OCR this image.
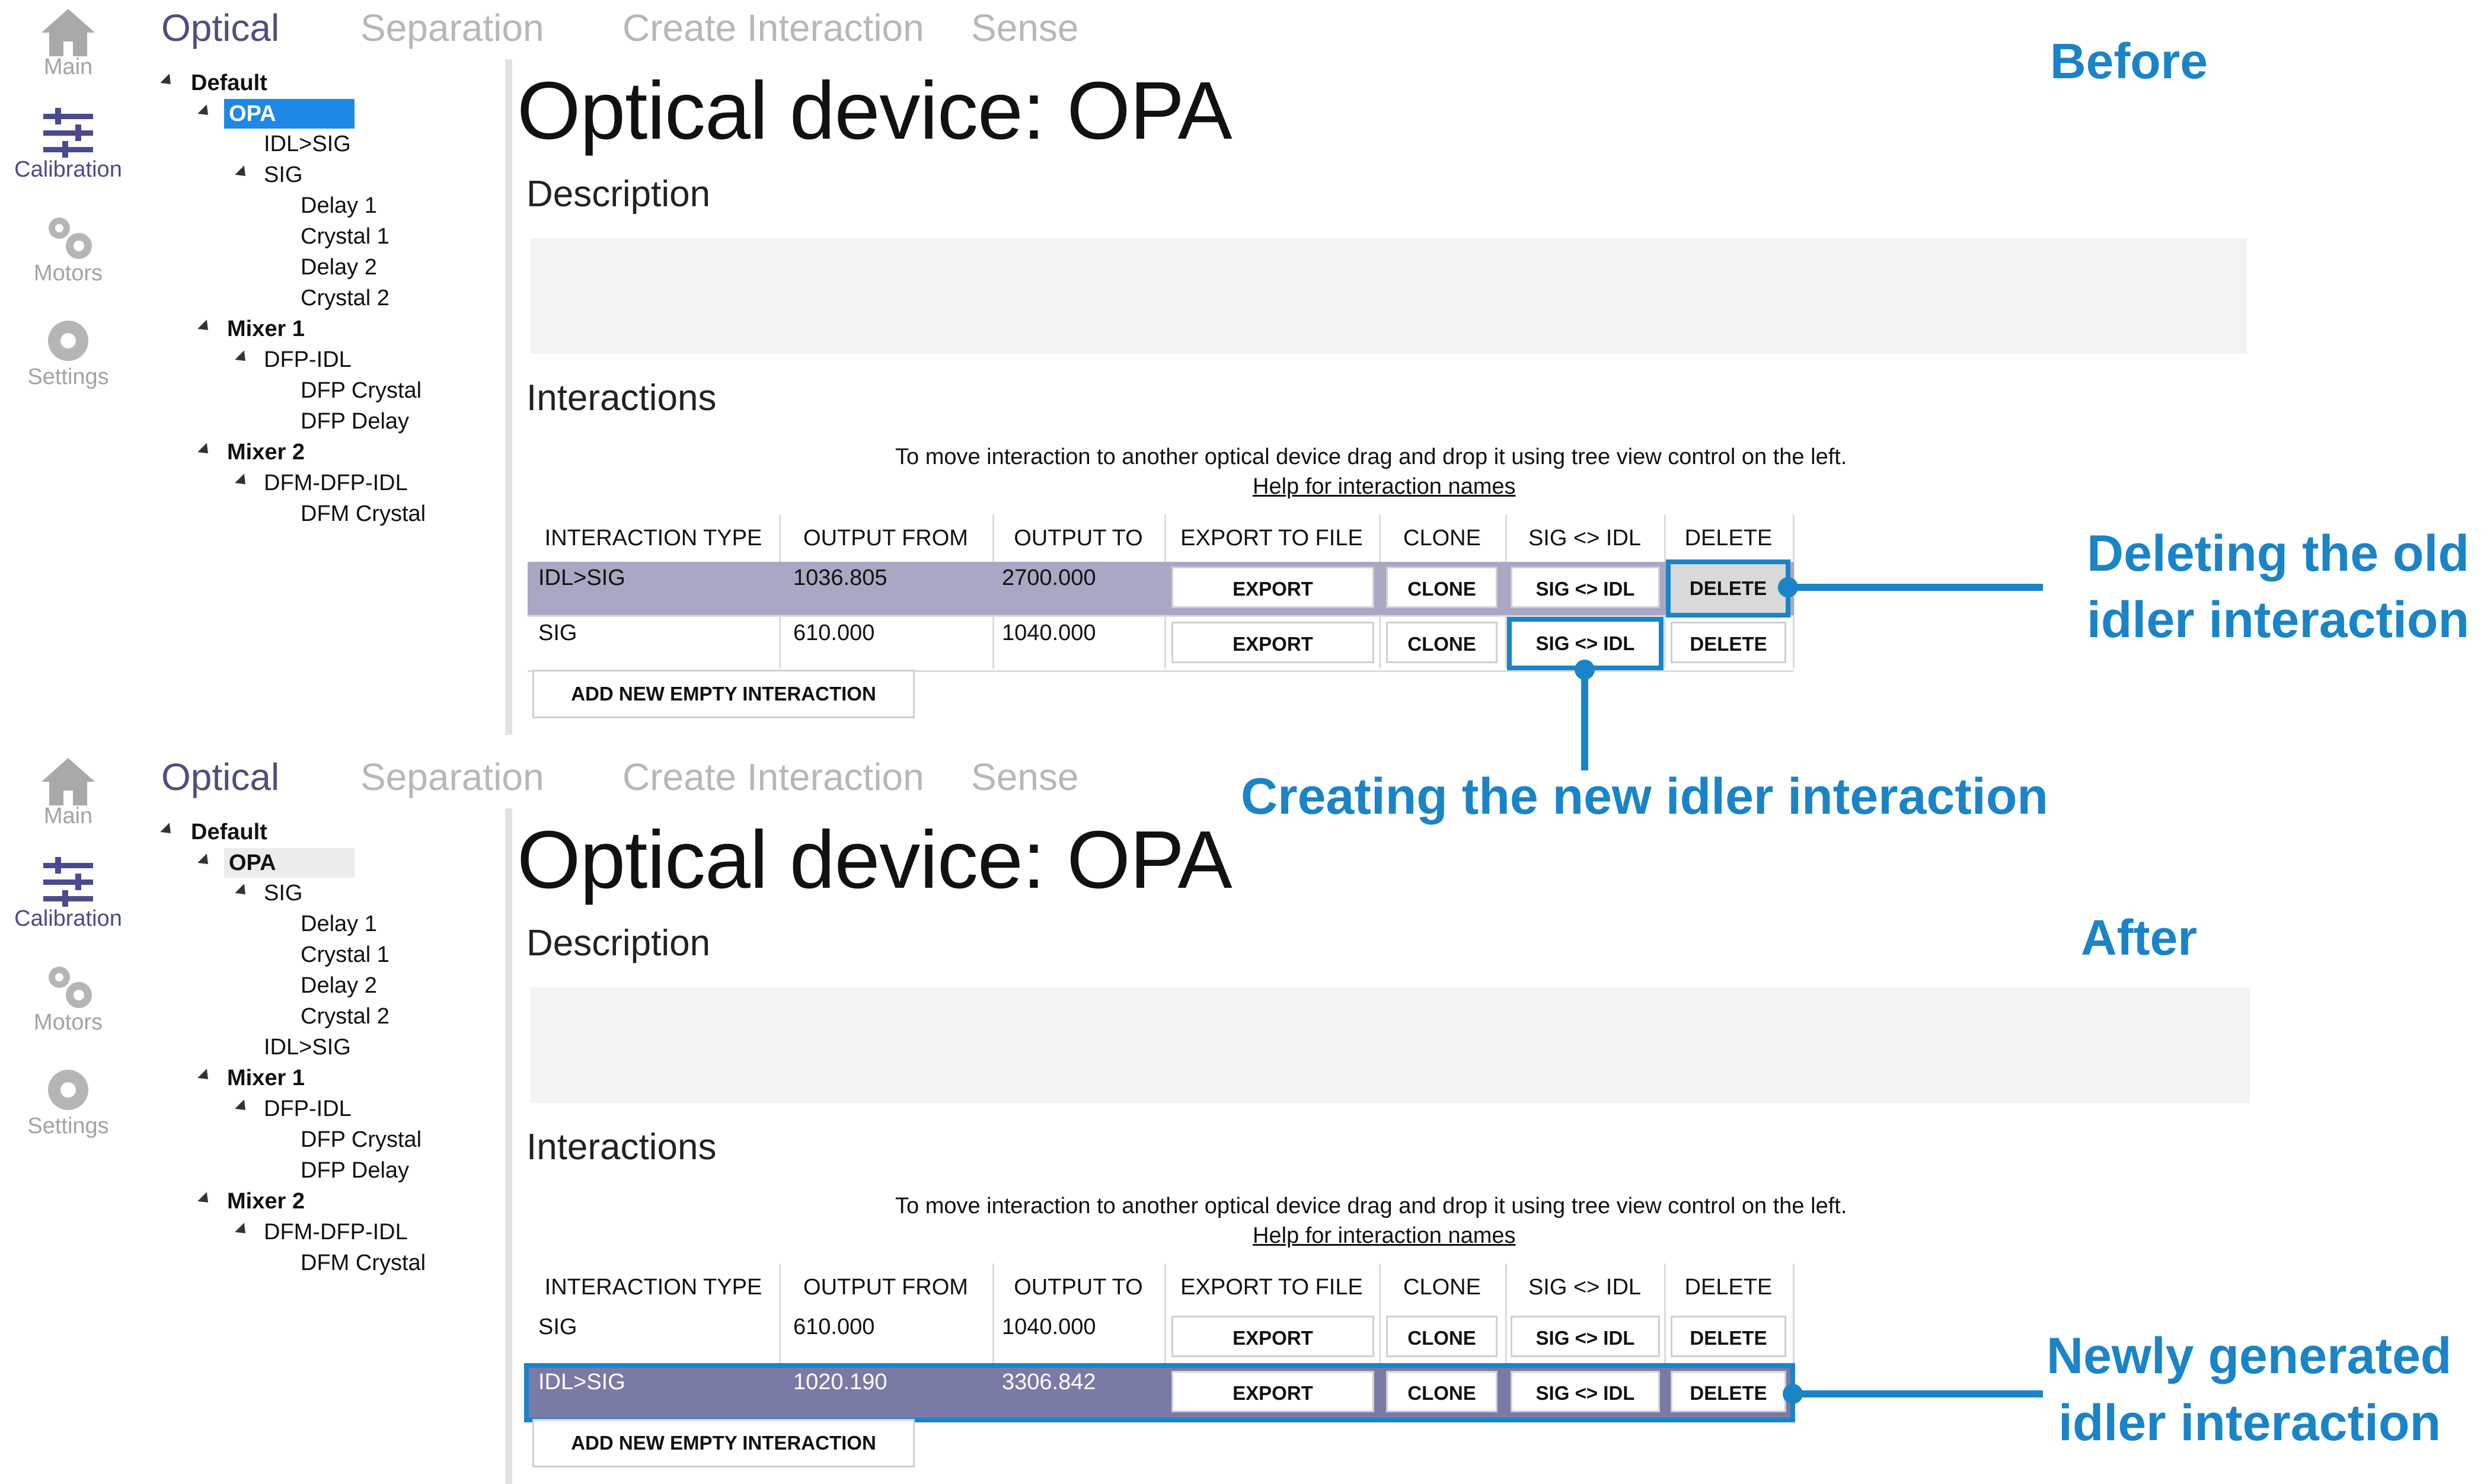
Main
Calibration
Motors
Settings
Optical Separation Create Interaction Sense
Default
OPA
IDL>SIG
SIG
Delay 1
Crystal 1
Delay 2
Crystal 2
Mixer 1
DFP-IDL
DFP Crystal
DFP Delay
Mixer 2
DFM-DFP-IDL
DFM Crystal
Optical device: OPA
Description
Interactions
To move interaction to another optical device drag and drop it using tree view control on the left.
Help for interaction names
INTERACTION TYPE	OUTPUT FROM	OUTPUT TO	EXPORT TO FILE	CLONE	SIG <> IDL	DELETE
IDL>SIG	1036.805	2700.000	EXPORT	CLONE	SIG <> IDL	DELETE
SIG	610.000	1040.000	EXPORT	CLONE	SIG <> IDL	DELETE
ADD NEW EMPTY INTERACTION
Before
Deleting the old
idler interaction
Creating the new idler interaction
Main
Calibration
Motors
Settings
Optical Separation Create Interaction Sense
Default
OPA
SIG
Delay 1
Crystal 1
Delay 2
Crystal 2
IDL>SIG
Mixer 1
DFP-IDL
DFP Crystal
DFP Delay
Mixer 2
DFM-DFP-IDL
DFM Crystal
Optical device: OPA
Description
Interactions
To move interaction to another optical device drag and drop it using tree view control on the left.
Help for interaction names
INTERACTION TYPE	OUTPUT FROM	OUTPUT TO	EXPORT TO FILE	CLONE	SIG <> IDL	DELETE
SIG	610.000	1040.000	EXPORT	CLONE	SIG <> IDL	DELETE
IDL>SIG	1020.190	3306.842	EXPORT	CLONE	SIG <> IDL	DELETE
ADD NEW EMPTY INTERACTION
After
Newly generated
idler interaction
